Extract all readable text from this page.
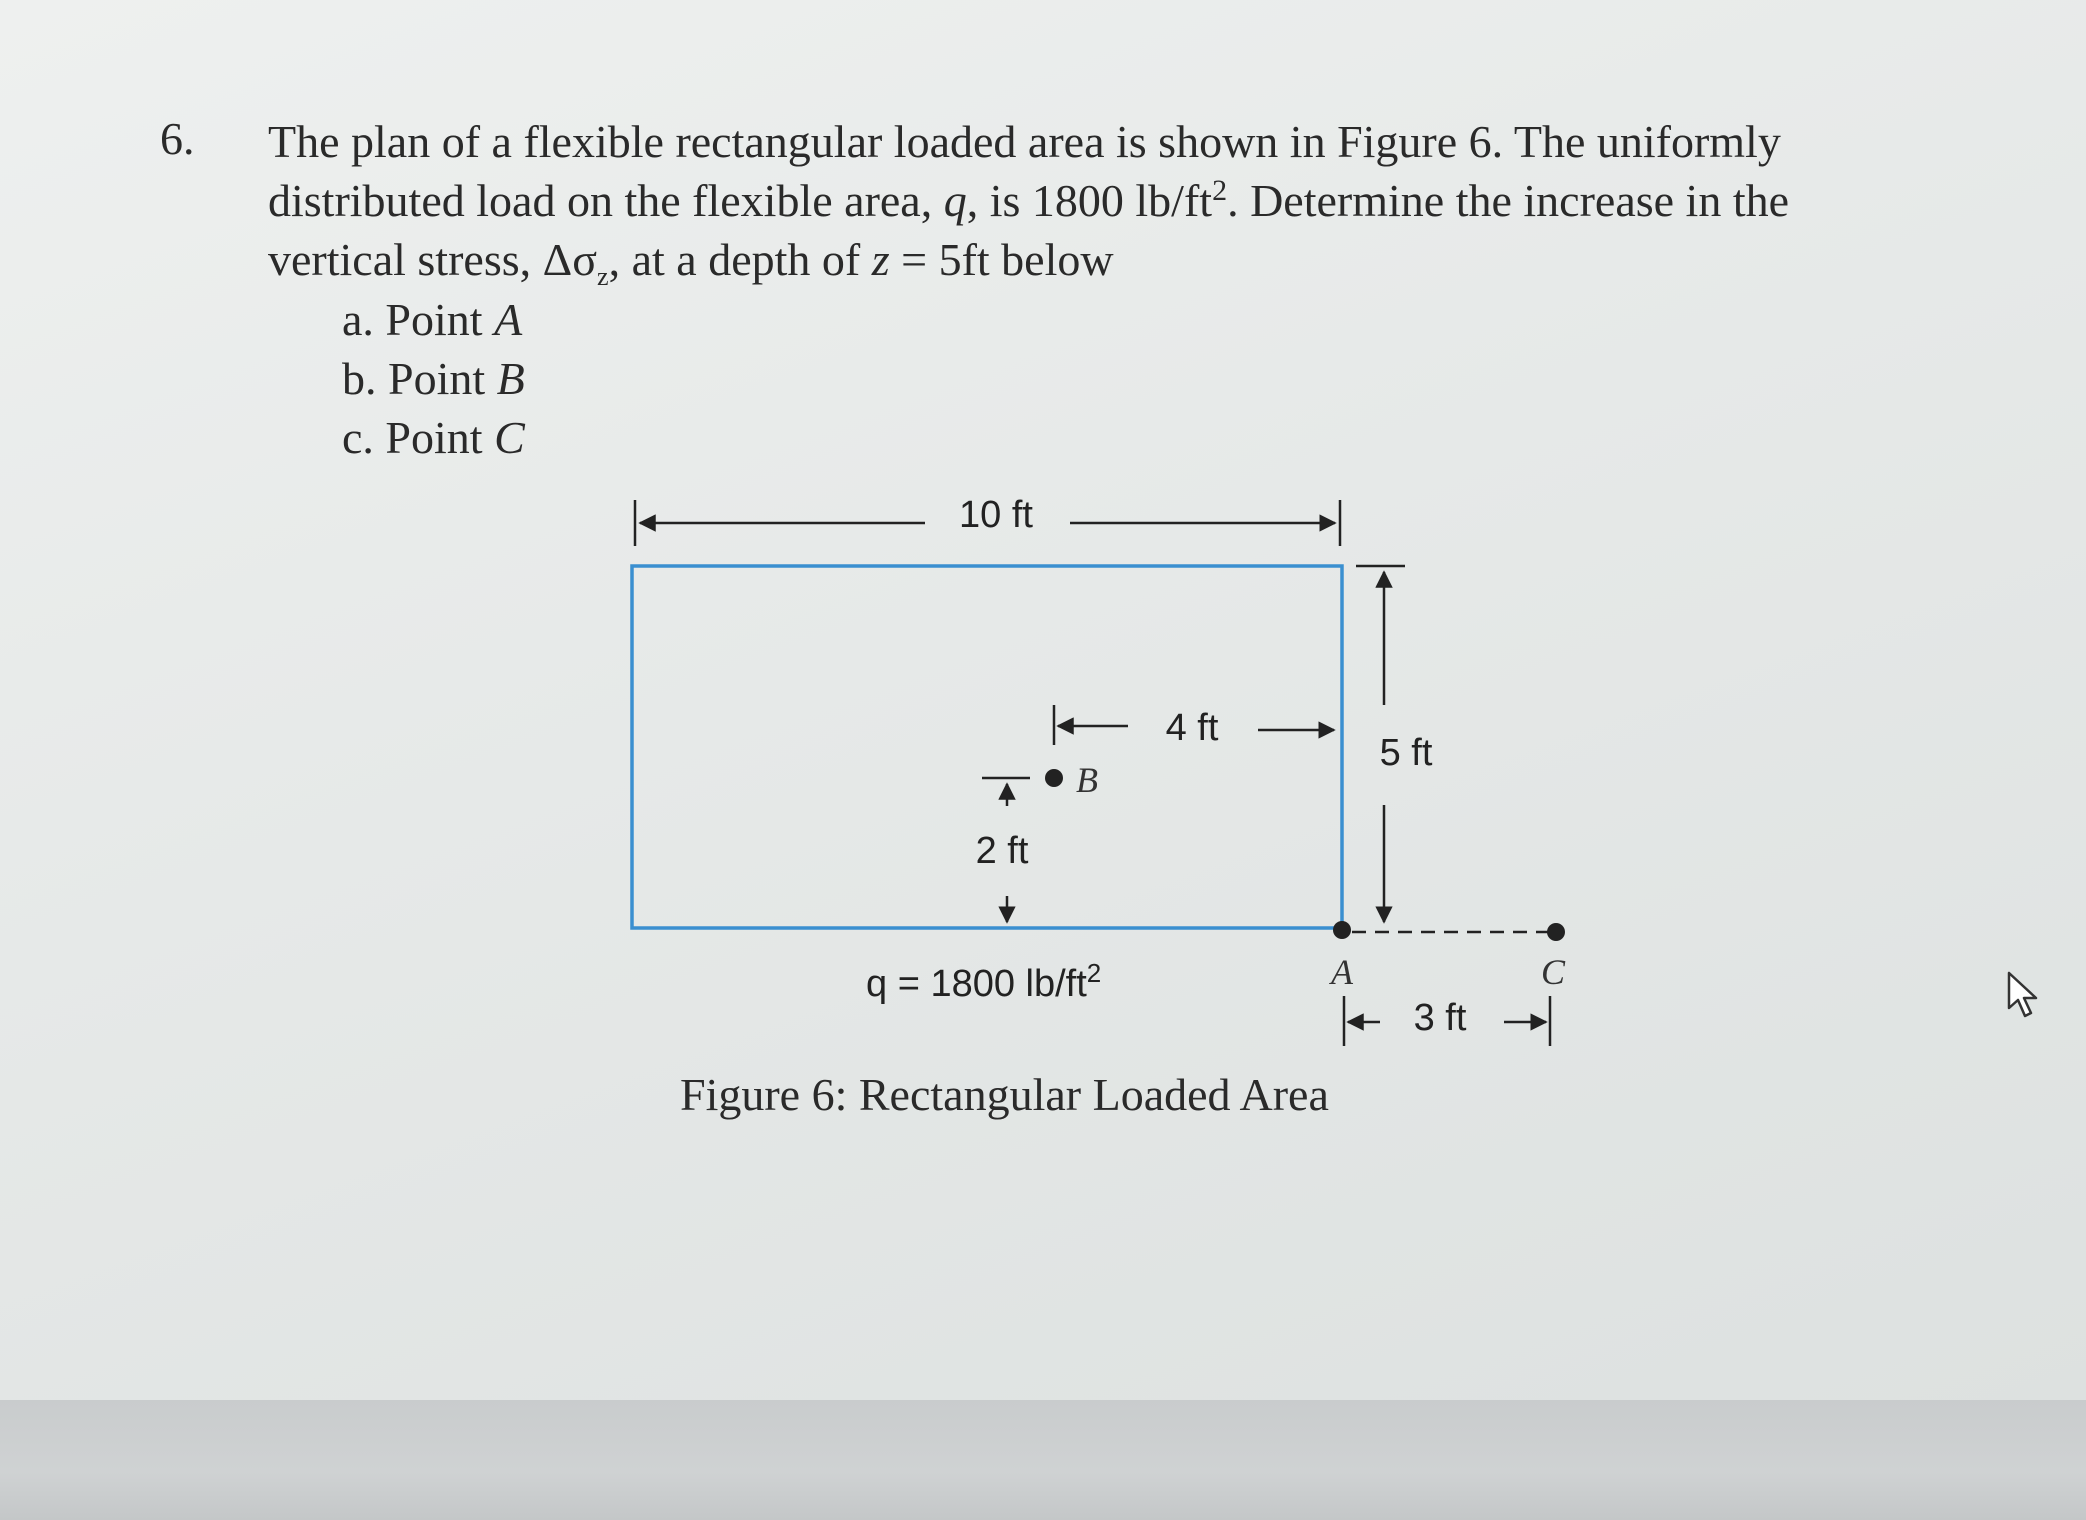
6. The plan of a flexible rectangular loaded area is shown in Figure 6. The uniformly
distributed load on the flexible area, q, is 1800 $lb/ft^2$. Determine the increase in the
vertical stress, $\Delta\sigma_z$, at a depth of z = 5ft below
a. Point A
b. Point B
c. Point C
10 ft
5 ft
4 ft
2 ft
B
A	C
3 ft
q = 1800 $lb/ft^2$
Figure 6: Rectangular Loaded Area
